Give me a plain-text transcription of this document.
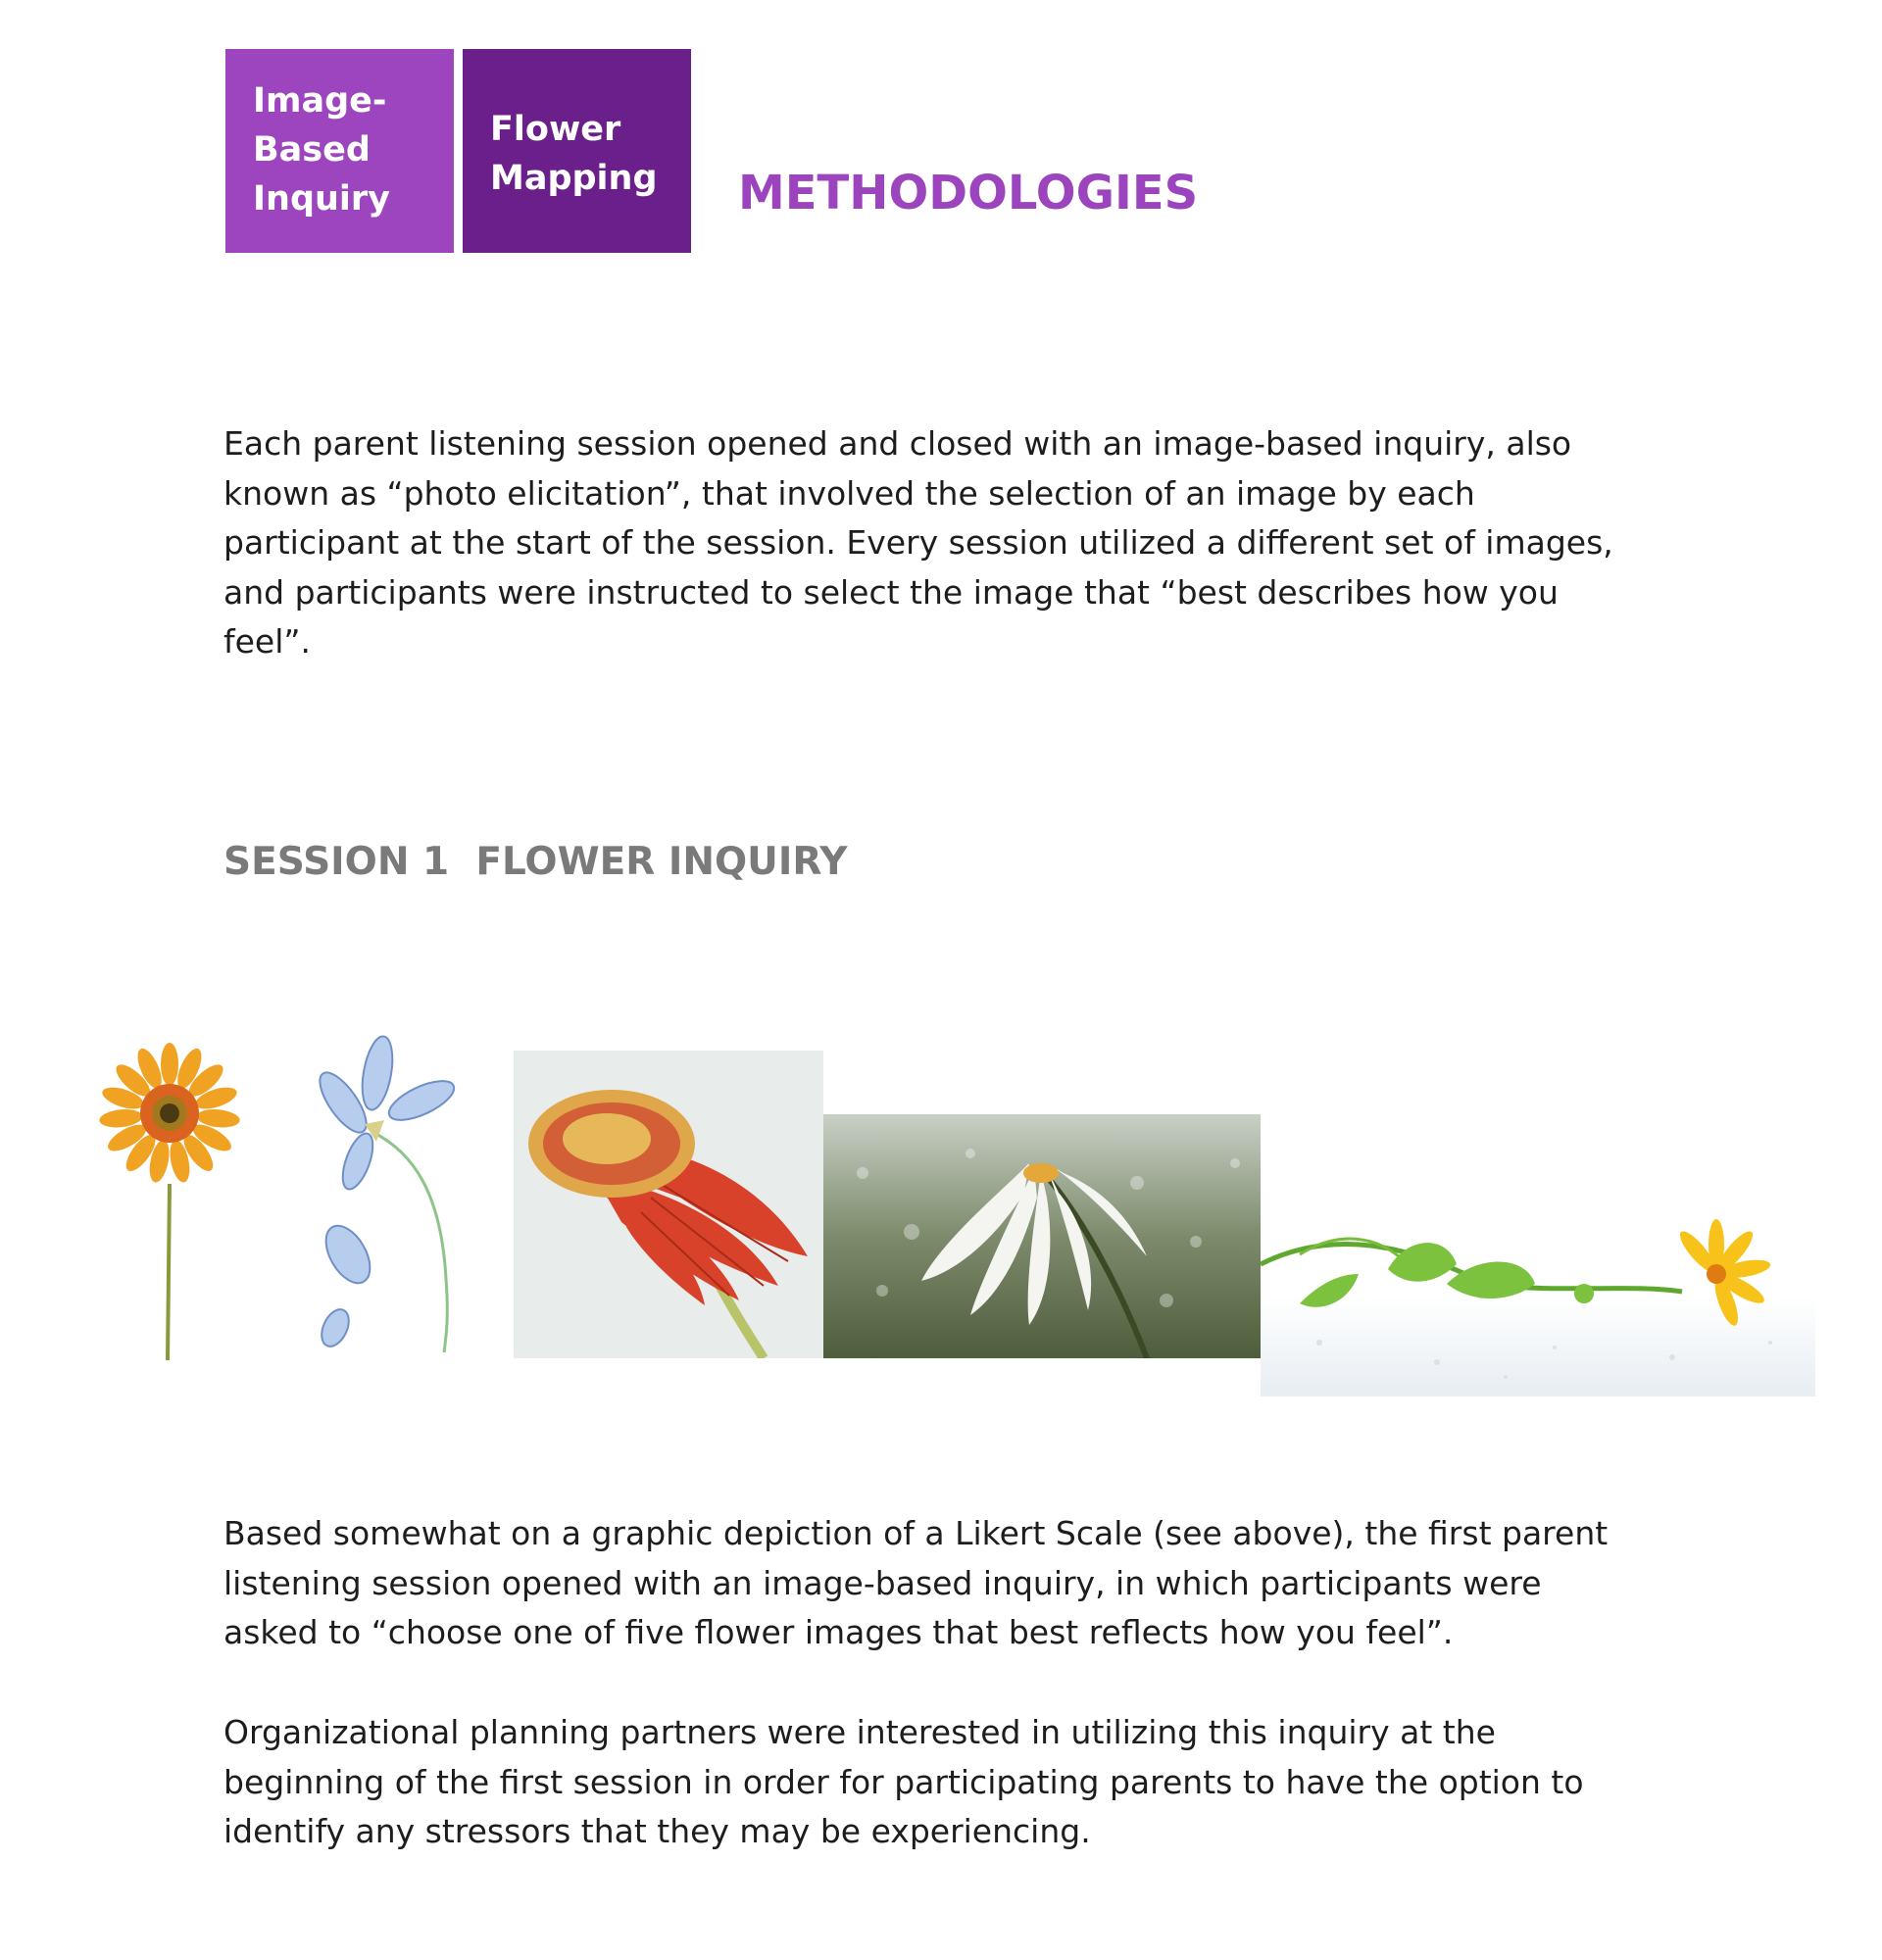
Image-
Based
Inquiry
Flower
Mapping	METHODOLOGIES

Each parent listening session opened and closed with an image-based inquiry, also
known as “photo elicitation”, that involved the selection of an image by each
participant at the start of the session. Every session utilized a different set of images,
and participants were instructed to select the image that “best describes how you
feel”.

SESSION 1  FLOWER INQUIRY

Based somewhat on a graphic depiction of a Likert Scale (see above), the first parent
listening session opened with an image-based inquiry, in which participants were
asked to “choose one of five flower images that best reflects how you feel”.

Organizational planning partners were interested in utilizing this inquiry at the
beginning of the first session in order for participating parents to have the option to
identify any stressors that they may be experiencing.
